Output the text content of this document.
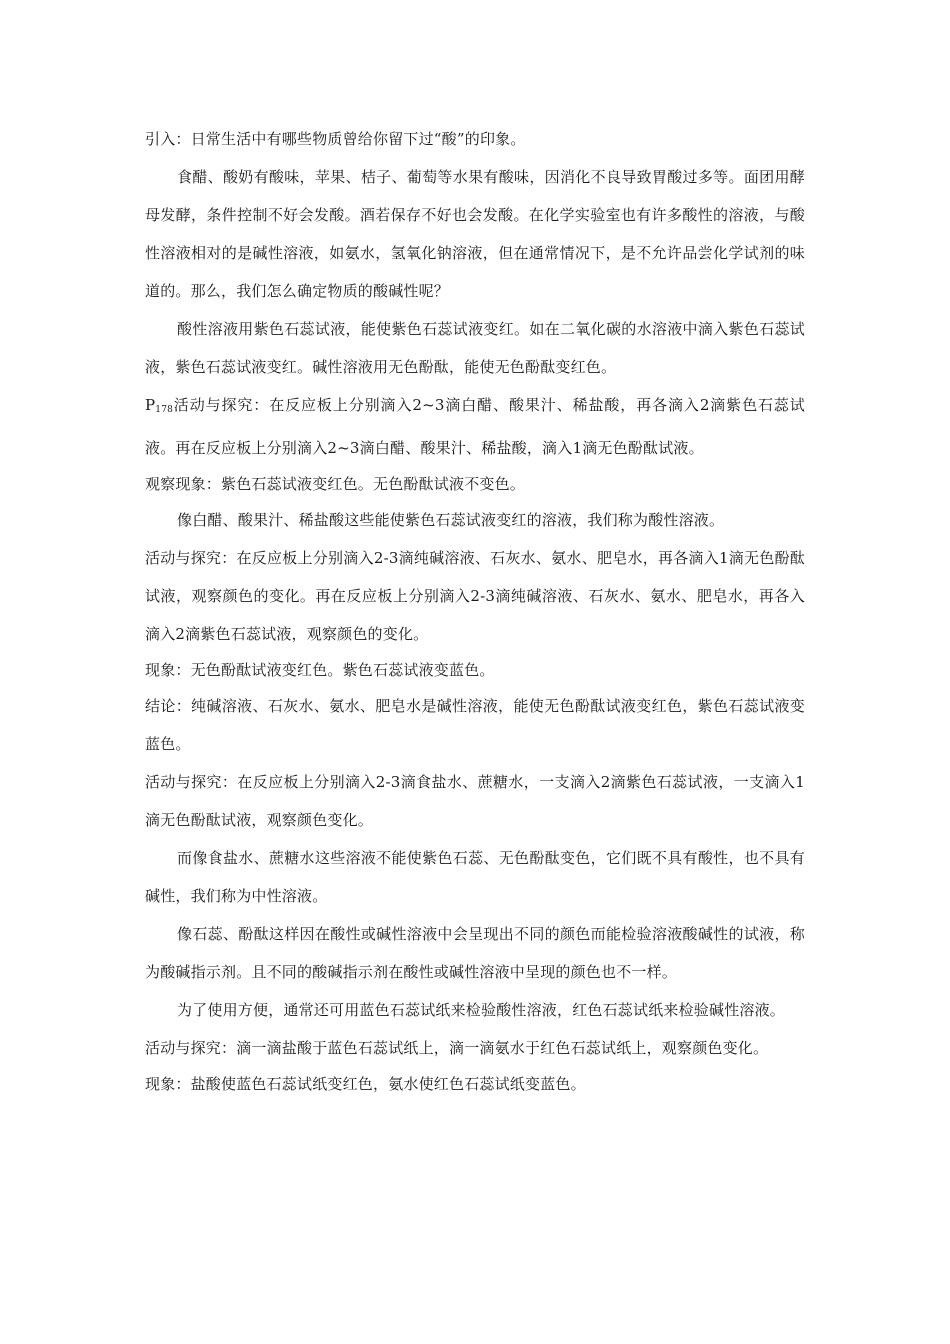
引入：日常生活中有哪些物质曾给你留下过“酸”的印象。

食醋、酸奶有酸味，苹果、桔子、葡萄等水果有酸味，因消化不良导致胃酸过多等。面团用酵母发酵，条件控制不好会发酸。酒若保存不好也会发酸。在化学实验室也有许多酸性的溶液，与酸性溶液相对的是碱性溶液，如氨水，氢氧化钠溶液，但在通常情况下，是不允许品尝化学试剂的味道的。那么，我们怎么确定物质的酸碱性呢？

酸性溶液用紫色石蕊试液，能使紫色石蕊试液变红。如在二氧化碳的水溶液中滴入紫色石蕊试液，紫色石蕊试液变红。碱性溶液用无色酚酞，能使无色酚酞变红色。

$P_{178}$活动与探究：在反应板上分别滴入2~3滴白醋、酸果汁、稀盐酸，再各滴入2滴紫色石蕊试液。再在反应板上分别滴入2~3滴白醋、酸果汁、稀盐酸，滴入1滴无色酚酞试液。

观察现象：紫色石蕊试液变红色。无色酚酞试液不变色。

像白醋、酸果汁、稀盐酸这些能使紫色石蕊试液变红的溶液，我们称为酸性溶液。

活动与探究：在反应板上分别滴入2-3滴纯碱溶液、石灰水、氨水、肥皂水，再各滴入1滴无色酚酞试液，观察颜色的变化。再在反应板上分别滴入2-3滴纯碱溶液、石灰水、氨水、肥皂水，再各入滴入2滴紫色石蕊试液，观察颜色的变化。

现象：无色酚酞试液变红色。紫色石蕊试液变蓝色。

结论：纯碱溶液、石灰水、氨水、肥皂水是碱性溶液，能使无色酚酞试液变红色，紫色石蕊试液变蓝色。

活动与探究：在反应板上分别滴入2-3滴食盐水、蔗糖水，一支滴入2滴紫色石蕊试液，一支滴入1滴无色酚酞试液，观察颜色变化。

而像食盐水、蔗糖水这些溶液不能使紫色石蕊、无色酚酞变色，它们既不具有酸性，也不具有碱性，我们称为中性溶液。

像石蕊、酚酞这样因在酸性或碱性溶液中会呈现出不同的颜色而能检验溶液酸碱性的试液，称为酸碱指示剂。且不同的酸碱指示剂在酸性或碱性溶液中呈现的颜色也不一样。

为了使用方便，通常还可用蓝色石蕊试纸来检验酸性溶液，红色石蕊试纸来检验碱性溶液。

活动与探究：滴一滴盐酸于蓝色石蕊试纸上，滴一滴氨水于红色石蕊试纸上，观察颜色变化。

现象：盐酸使蓝色石蕊试纸变红色，氨水使红色石蕊试纸变蓝色。
